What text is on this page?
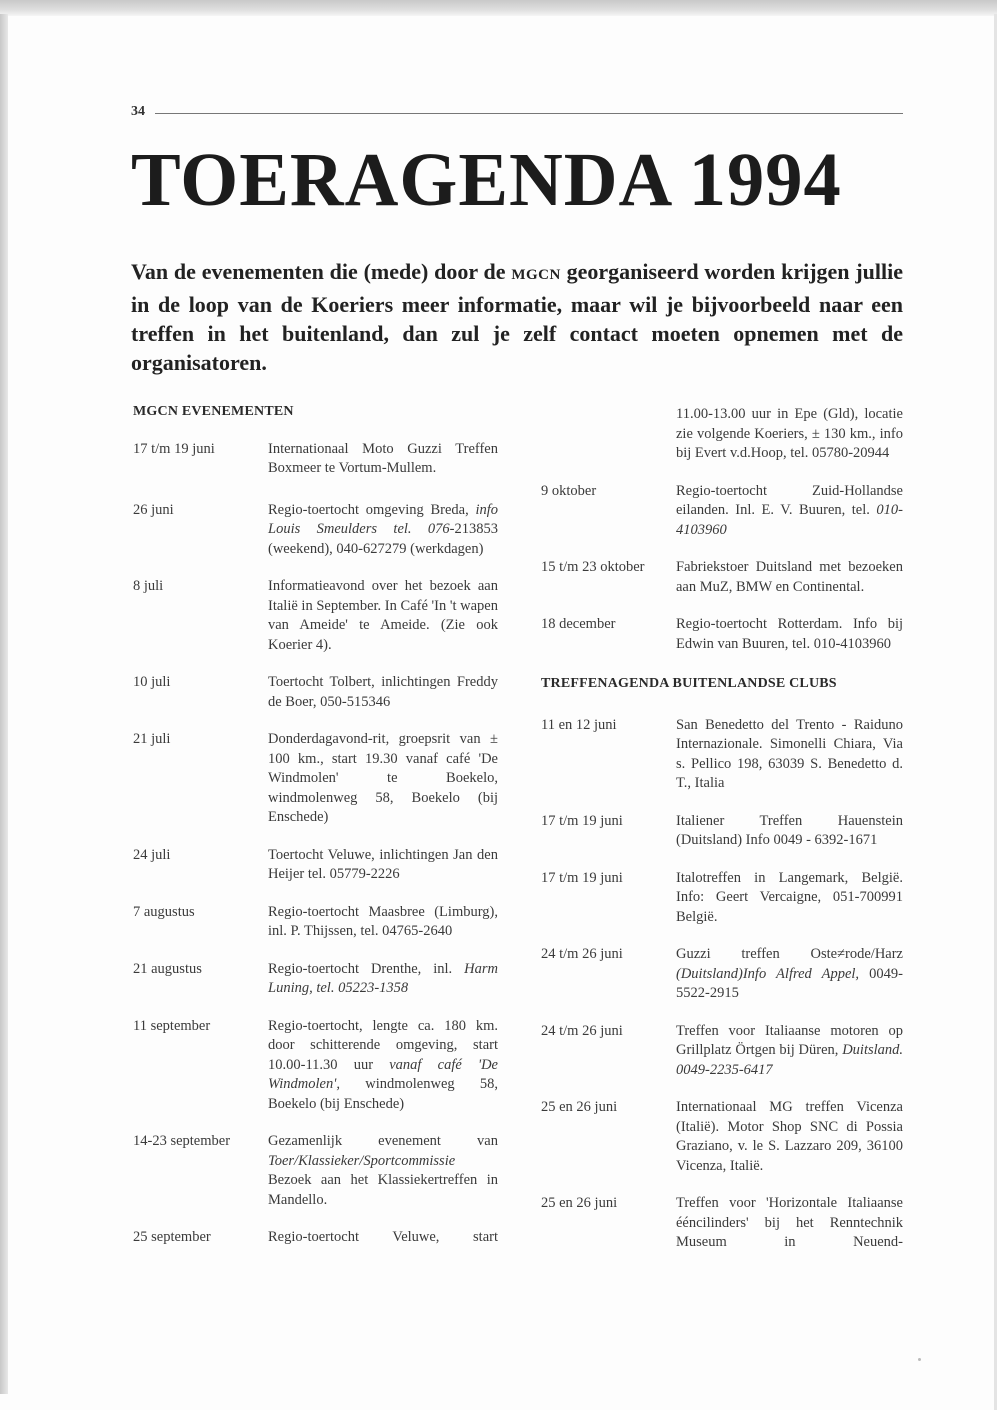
34
TOERAGENDA 1994

Van de evenementen die (mede) door de MGCN georganiseerd worden krijgen jullie in de loop van de Koeriers meer informatie, maar wil je bijvoorbeeld naar een treffen in het buitenland, dan zul je zelf contact moeten opnemen met de organisatoren.

MGCN EVENEMENTEN
17 t/m 19 juni	Internationaal Moto Guzzi Treffen Boxmeer te Vortum-Mullem.
26 juni	Regio-toertocht omgeving Breda, info Louis Smeulders tel. 076-213853 (weekend), 040-627279 (werkdagen)
8 juli	Informatieavond over het bezoek aan Italië in September. In Café 'In 't wapen van Ameide' te Ameide. (Zie ook Koerier 4).
10 juli	Toertocht Tolbert, inlichtingen Freddy de Boer, 050-515346
21 juli	Donderdagavond-rit, groepsrit van ± 100 km., start 19.30 vanaf café 'De Windmolen' te Boekelo, windmolenweg 58, Boekelo (bij Enschede)
24 juli	Toertocht Veluwe, inlichtingen Jan den Heijer tel. 05779-2226
7 augustus	Regio-toertocht Maasbree (Limburg), inl. P. Thijssen, tel. 04765-2640
21 augustus	Regio-toertocht Drenthe, inl. Harm Luning, tel. 05223-1358
11 september	Regio-toertocht, lengte ca. 180 km. door schitterende omgeving, start 10.00-11.30 uur vanaf café 'De Windmolen', windmolenweg 58, Boekelo (bij Enschede)
14-23 september	Gezamenlijk evenement van Toer/Klassieker/Sportcommissie Bezoek aan het Klassiekertreffen in Mandello.
25 september	Regio-toertocht Veluwe, start
11.00-13.00 uur in Epe (Gld), locatie zie volgende Koeriers, ± 130 km., info bij Evert v.d.Hoop, tel. 05780-20944
9 oktober	Regio-toertocht Zuid-Hollandse eilanden. Inl. E. V. Buuren, tel. 010-4103960
15 t/m 23 oktober	Fabriekstoer Duitsland met bezoeken aan MuZ, BMW en Continental.
18 december	Regio-toertocht Rotterdam. Info bij Edwin van Buuren, tel. 010-4103960
TREFFENAGENDA BUITENLANDSE CLUBS
11 en 12 juni	San Benedetto del Trento - Raiduno Internazionale. Simonelli Chiara, Via s. Pellico 198, 63039 S. Benedetto d. T., Italia
17 t/m 19 juni	Italiener Treffen Hauenstein (Duitsland) Info 0049 - 6392-1671
17 t/m 19 juni	Italotreffen in Langemark, België. Info: Geert Vercaigne, 051-700991 België.
24 t/m 26 juni	Guzzi treffen Oste≠rode/Harz (Duitsland)Info Alfred Appel, 0049-5522-2915
24 t/m 26 juni	Treffen voor Italiaanse motoren op Grillplatz Örtgen bij Düren, Duitsland. 0049-2235-6417
25 en 26 juni	Internationaal MG treffen Vicenza (Italië). Motor Shop SNC di Possia Graziano, v. le S. Lazzaro 209, 36100 Vicenza, Italië.
25 en 26 juni	Treffen voor 'Horizontale Italiaanse ééncilinders' bij het Renntechnik Museum in Neuend-
